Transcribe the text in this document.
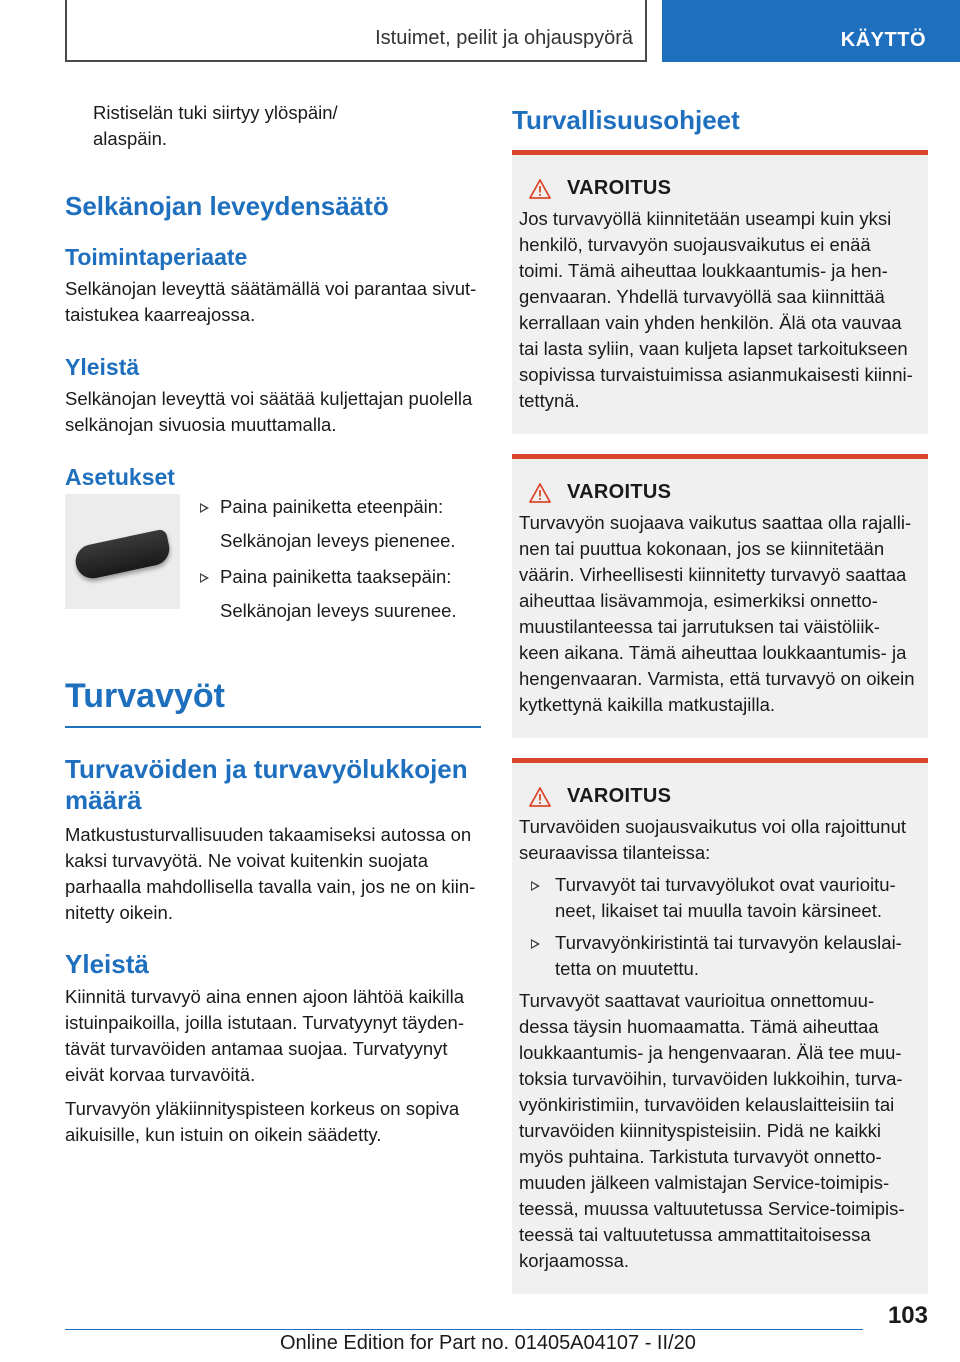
Istuimet, peilit ja ohjauspyörä	KÄYTTÖ

Ristiselän tuki siirtyy ylöspäin/ alaspäin.

Selkänojan leveydensäätö
Toimintaperiaate

Selkänojan leveyttä säätämällä voi parantaa sivut-taistukea kaarreajossa.

Yleistä

Selkänojan leveyttä voi säätää kuljettajan puolella selkänojan sivuosia muuttamalla.

Asetukset
Paina painiketta eteenpäin:
Selkänojan leveys pienenee.
Paina painiketta taaksepäin:
Selkänojan leveys suurenee.
Turvavyöt
Turvavöiden ja turvavyölukkojen määrä

Matkustusturvallisuuden takaamiseksi autossa on kaksi turvavyötä. Ne voivat kuitenkin suojata parhaalla mahdollisella tavalla vain, jos ne on kiin-nitetty oikein.

Yleistä

Kiinnitä turvavyö aina ennen ajoon lähtöä kaikilla istuinpaikoilla, joilla istutaan. Turvatyynyt täyden-tävät turvavöiden antamaa suojaa. Turvatyynyt eivät korvaa turvavöitä.

Turvavyön yläkiinnityspisteen korkeus on sopiva aikuisille, kun istuin on oikein säädetty.

Turvallisuusohjeet
VAROITUS

Jos turvavyöllä kiinnitetään useampi kuin yksi henkilö, turvavyön suojausvaikutus ei enää toimi. Tämä aiheuttaa loukkaantumis- ja hen-genvaaran. Yhdellä turvavyöllä saa kiinnittää kerrallaan vain yhden henkilön. Älä ota vauvaa tai lasta syliin, vaan kuljeta lapset tarkoitukseen sopivissa turvaistuimissa asianmukaisesti kiinni-tettynä.

VAROITUS

Turvavyön suojaava vaikutus saattaa olla rajalli-nen tai puuttua kokonaan, jos se kiinnitetään väärin. Virheellisesti kiinnitetty turvavyö saattaa aiheuttaa lisävammoja, esimerkiksi onnetto-muustilanteessa tai jarrutuksen tai väistöliik-keen aikana. Tämä aiheuttaa loukkaantumis- ja hengenvaaran. Varmista, että turvavyö on oikein kytkettynä kaikilla matkustajilla.

VAROITUS

Turvavöiden suojausvaikutus voi olla rajoittunut seuraavissa tilanteissa:

Turvavyöt tai turvavyölukot ovat vaurioitu-neet, likaiset tai muulla tavoin kärsineet.
Turvavyönkiristintä tai turvavyön kelauslai-tetta on muutettu.

Turvavyöt saattavat vaurioitua onnettomuu-dessa täysin huomaamatta. Tämä aiheuttaa loukkaantumis- ja hengenvaaran. Älä tee muu-toksia turvavöihin, turvavöiden lukkoihin, turva-vyönkiristimiin, turvavöiden kelauslaitteisiin tai turvavöiden kiinnityspisteisiin. Pidä ne kaikki myös puhtaina. Tarkistuta turvavyöt onnetto-muuden jälkeen valmistajan Service-toimipis-teessä, muussa valtuutetussa Service-toimipis-teessä tai valtuutetussa ammattitaitoisessa korjaamossa.

103
Online Edition for Part no. 01405A04107 - II/20
